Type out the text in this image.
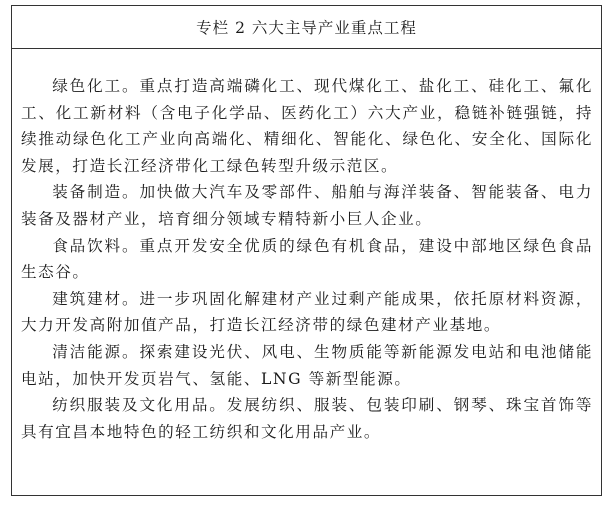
专栏 2 六大主导产业重点工程

绿色化工。重点打造高端磷化工、现代煤化工、盐化工、硅化工、氟化工、化工新材料（含电子化学品、医药化工）六大产业，稳链补链强链，持续推动绿色化工产业向高端化、精细化、智能化、绿色化、安全化、国际化发展，打造长江经济带化工绿色转型升级示范区。

装备制造。加快做大汽车及零部件、船舶与海洋装备、智能装备、电力装备及器材产业，培育细分领域专精特新小巨人企业。

食品饮料。重点开发安全优质的绿色有机食品，建设中部地区绿色食品生态谷。

建筑建材。进一步巩固化解建材产业过剩产能成果，依托原材料资源，大力开发高附加值产品，打造长江经济带的绿色建材产业基地。

清洁能源。探索建设光伏、风电、生物质能等新能源发电站和电池储能电站，加快开发页岩气、氢能、LNG 等新型能源。

纺织服装及文化用品。发展纺织、服装、包装印刷、钢琴、珠宝首饰等具有宜昌本地特色的轻工纺织和文化用品产业。
